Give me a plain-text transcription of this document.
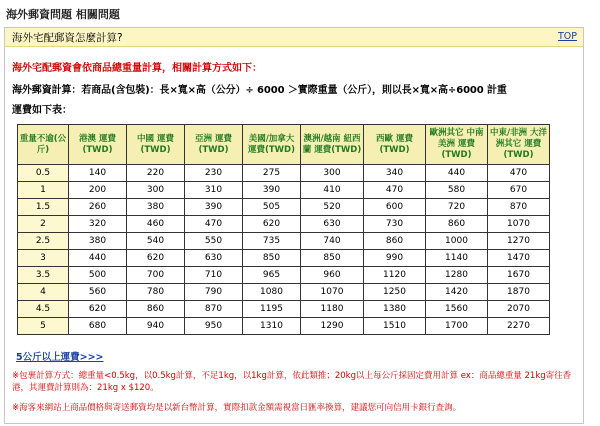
海外郵資問題 相關問題
海外宅配郵資怎麼計算?	TOP
海外宅配郵資會依商品總重量計算，相關計算方式如下：
海外郵資計算：若商品(含包裝)：長×寬×高（公分）÷ 6000 ＞實際重量（公斤），則以長×寬×高÷6000 計重
運費如下表：
重量不逾(公斤)	港澳 運費(TWD)	中國 運費(TWD)	亞洲 運費(TWD)	美國/加拿大 運費(TWD)	澳洲/越南 紐西蘭 運費(TWD)	西歐 運費(TWD)	歐洲其它 中南美洲 運費(TWD)	中東/非洲 大洋洲其它 運費(TWD)
0.5	140	220	230	275	300	340	440	470
1	200	300	310	390	410	470	580	670
1.5	260	380	390	505	520	600	720	870
2	320	460	470	620	630	730	860	1070
2.5	380	540	550	735	740	860	1000	1270
3	440	620	630	850	850	990	1140	1470
3.5	500	700	710	965	960	1120	1280	1670
4	560	780	790	1080	1070	1250	1420	1870
4.5	620	860	870	1195	1180	1380	1560	2070
5	680	940	950	1310	1290	1510	1700	2270
5公斤以上運費>>>
※包裹計算方式：總重量<0.5kg，以0.5kg計算，不足1kg，以1kg計算，依此類推；20kg以上每公斤採固定費用計算 ex：商品總重量 21kg寄往香港，其運費計算則為：21kg x $120。
※海客來網站上商品價格與寄送郵資均是以新台幣計算，實際扣款金額需視當日匯率換算，建議您可向信用卡銀行查詢。
